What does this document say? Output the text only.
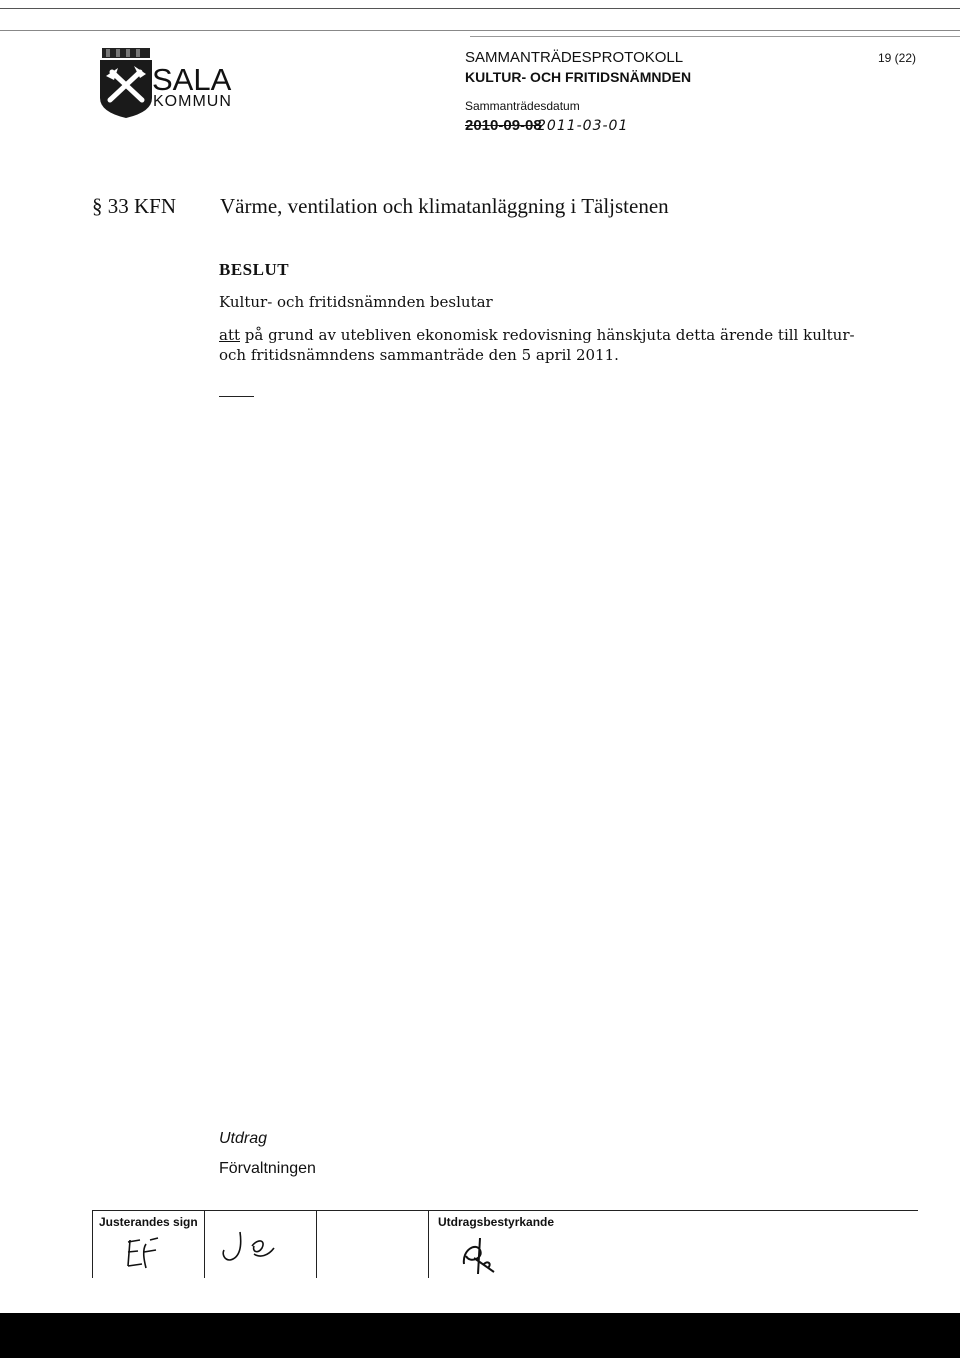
SALA
KOMMUN
SAMMANTRÄDESPROTOKOLL
KULTUR- OCH FRITIDSNÄMNDEN
Sammanträdesdatum
2010-09-08
2011-03-01
19 (22)
§ 33 KFN Värme, ventilation och klimatanläggning i Täljstenen
BESLUT
Kultur- och fritidsnämnden beslutar
att på grund av utebliven ekonomisk redovisning hänskjuta detta ärende till kultur-
och fritidsnämndens sammanträde den 5 april 2011.
Utdrag
Förvaltningen
Justerandes sign	Utdragsbestyrkande
